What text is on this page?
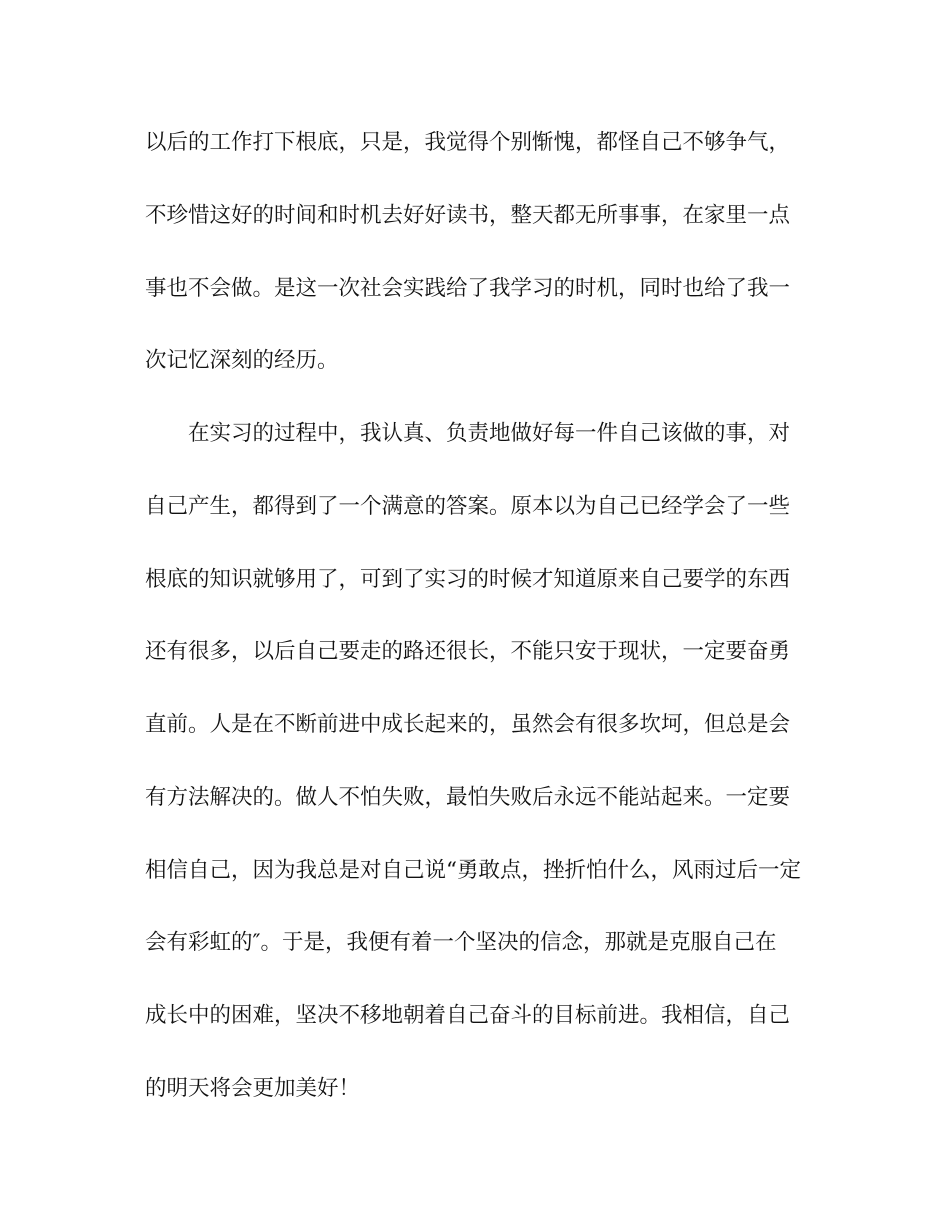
以后的工作打下根底，只是，我觉得个别惭愧，都怪自己不够争气，
不珍惜这好的时间和时机去好好读书，整天都无所事事，在家里一点
事也不会做。是这一次社会实践给了我学习的时机，同时也给了我一
次记忆深刻的经历。
　　在实习的过程中，我认真、负责地做好每一件自己该做的事，对
自己产生，都得到了一个满意的答案。原本以为自己已经学会了一些
根底的知识就够用了，可到了实习的时候才知道原来自己要学的东西
还有很多，以后自己要走的路还很长，不能只安于现状，一定要奋勇
直前。人是在不断前进中成长起来的，虽然会有很多坎坷，但总是会
有方法解决的。做人不怕失败，最怕失败后永远不能站起来。一定要
相信自己，因为我总是对自己说“勇敢点，挫折怕什么，风雨过后一定
会有彩虹的″。于是，我便有着一个坚决的信念，那就是克服自己在
成长中的困难，坚决不移地朝着自己奋斗的目标前进。我相信，自己
的明天将会更加美好！
